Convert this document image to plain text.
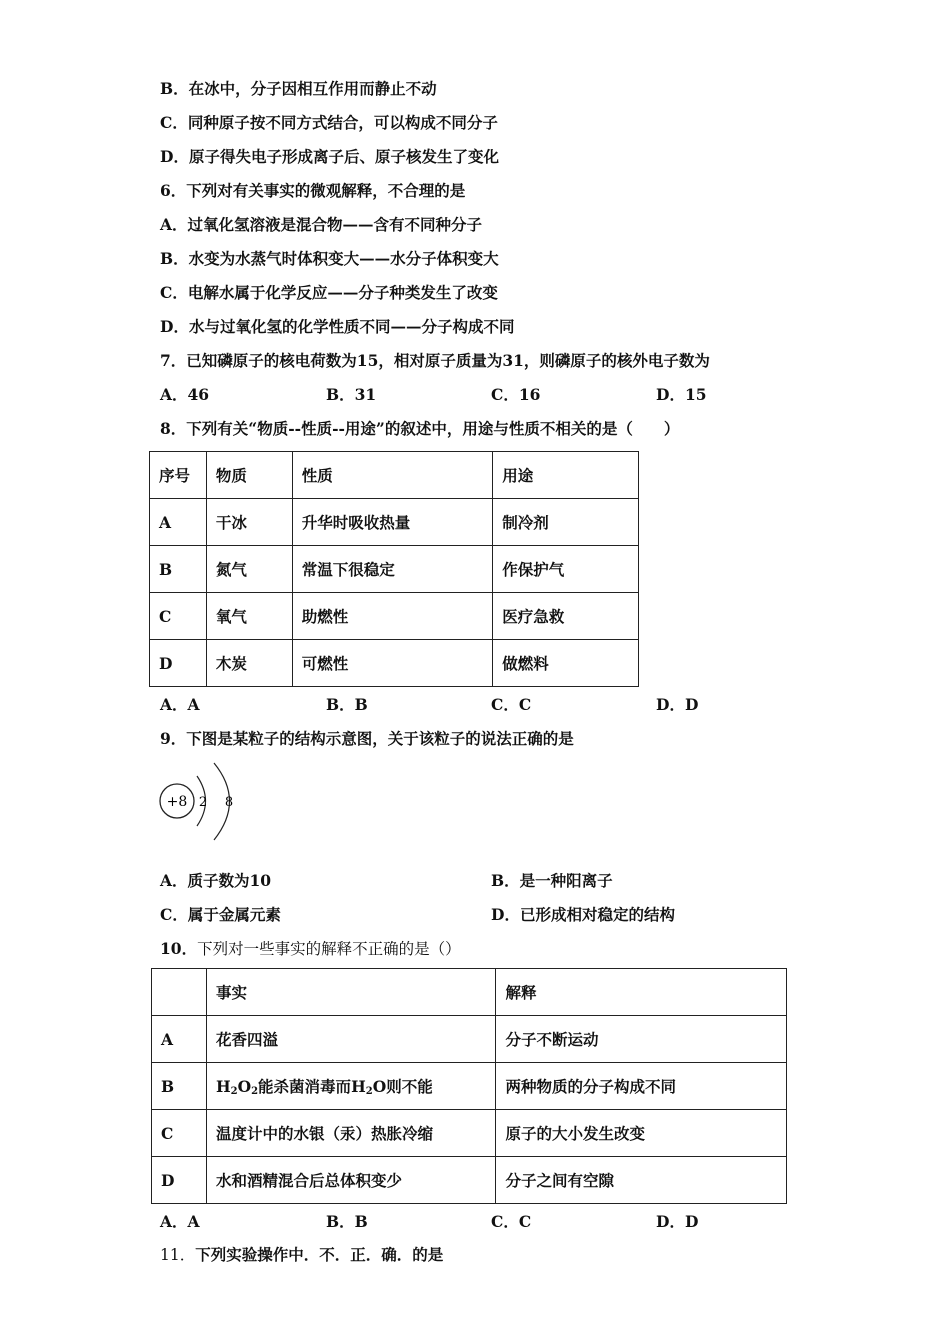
B．在冰中，分子因相互作用而静止不动
C．同种原子按不同方式结合，可以构成不同分子
D．原子得失电子形成离子后、原子核发生了变化
6．下列对有关事实的微观解释，不合理的是
A．过氧化氢溶液是混合物——含有不同种分子
B．水变为水蒸气时体积变大——水分子体积变大
C．电解水属于化学反应——分子种类发生了改变
D．水与过氧化氢的化学性质不同——分子构成不同
7．已知磷原子的核电荷数为15，相对原子质量为31，则磷原子的核外电子数为
A．46	B．31	C．16	D．15
8．下列有关“物质--性质--用途”的叙述中，用途与性质不相关的是（　　）
序号	物质	性质	用途
A	干冰	升华时吸收热量	制冷剂
B	氮气	常温下很稳定	作保护气
C	氧气	助燃性	医疗急救
D	木炭	可燃性	做燃料
A．A	B．B	C．C	D．D
9．下图是某粒子的结构示意图，关于该粒子的说法正确的是
+8 2 8
A．质子数为10	B．是一种阳离子
C．属于金属元素	D．已形成相对稳定的结构
10．下列对一些事实的解释不正确的是（）
	事实	解释
A	花香四溢	分子不断运动
B	$H_2O_2$能杀菌消毒而$H_2O$则不能	两种物质的分子构成不同
C	温度计中的水银（汞）热胀冷缩	原子的大小发生改变
D	水和酒精混合后总体积变少	分子之间有空隙
A．A	B．B	C．C	D．D
11．下列实验操作中．不．正．确．的是
